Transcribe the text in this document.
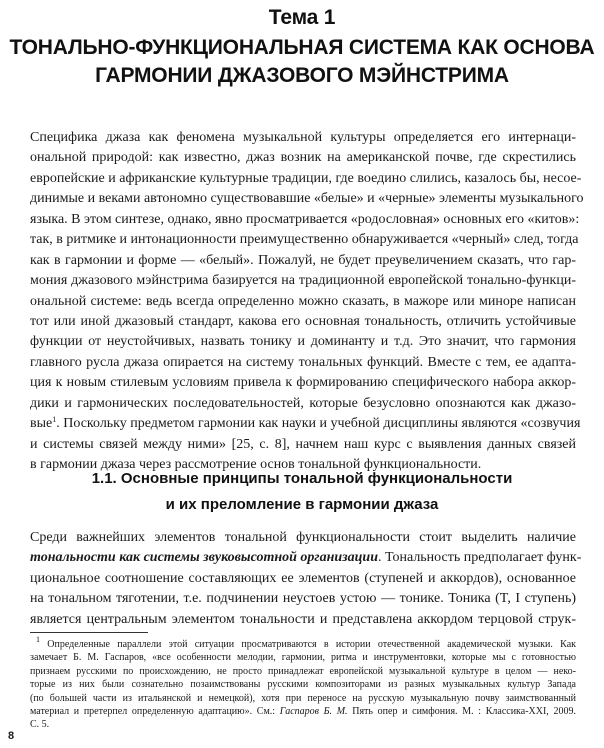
Тема 1
ТОНАЛЬНО-ФУНКЦИОНАЛЬНАЯ СИСТЕМА КАК ОСНОВА
ГАРМОНИИ ДЖАЗОВОГО МЭЙНСТРИМА
Специфика джаза как феномена музыкальной культуры определяется его интернаци-
ональной природой: как известно, джаз возник на американской почве, где скрестились
европейские и африканские культурные традиции, где воедино слились, казалось бы, несое-
динимые и веками автономно существовавшие «белые» и «черные» элементы музыкального
языка. В этом синтезе, однако, явно просматривается «родословная» основных его «китов»:
так, в ритмике и интонационности преимущественно обнаруживается «черный» след, тогда
как в гармонии и форме — «белый». Пожалуй, не будет преувеличением сказать, что гар-
мония джазового мэйнстрима базируется на традиционной европейской тонально-функци-
ональной системе: ведь всегда определенно можно сказать, в мажоре или миноре написан
тот или иной джазовый стандарт, какова его основная тональность, отличить устойчивые
функции от неустойчивых, назвать тонику и доминанту и т.д. Это значит, что гармония
главного русла джаза опирается на систему тональных функций. Вместе с тем, ее адапта-
ция к новым стилевым условиям привела к формированию специфического набора аккор-
дики и гармонических последовательностей, которые безусловно опознаются как джазо-
вые$^1$. Поскольку предметом гармонии как науки и учебной дисциплины являются «созвучия
и системы связей между ними» [25, с. 8], начнем наш курс с выявления данных связей
в гармонии джаза через рассмотрение основ тональной функциональности.
1.1. Основные принципы тональной функциональности
и их преломление в гармонии джаза
Среди важнейших элементов тональной функциональности стоит выделить наличие
тональности как системы звуковысотной организации. Тональность предполагает функ-
циональное соотношение составляющих ее элементов (ступеней и аккордов), основанное
на тональном тяготении, т.е. подчинении неустоев устою — тонике. Тоника (T, I ступень)
является центральным элементом тональности и представлена аккордом терцовой струк-
$^1$ Определенные параллели этой ситуации просматриваются в истории отечественной академической музыки. Как
замечает Б. М. Гаспаров, «все особенности мелодии, гармонии, ритма и инструментовки, которые мы с готовностью
признаем русскими по происхождению, не просто принадлежат европейской музыкальной культуре в целом — неко-
торые из них были сознательно позаимствованы русскими композиторами из разных музыкальных культур Запада
(по большей части из итальянской и немецкой), хотя при переносе на русскую музыкальную почву заимствованный
материал и претерпел определенную адаптацию». См.: Гаспаров Б. М. Пять опер и симфония. М. : Классика-XXI, 2009.
С. 5.
8
